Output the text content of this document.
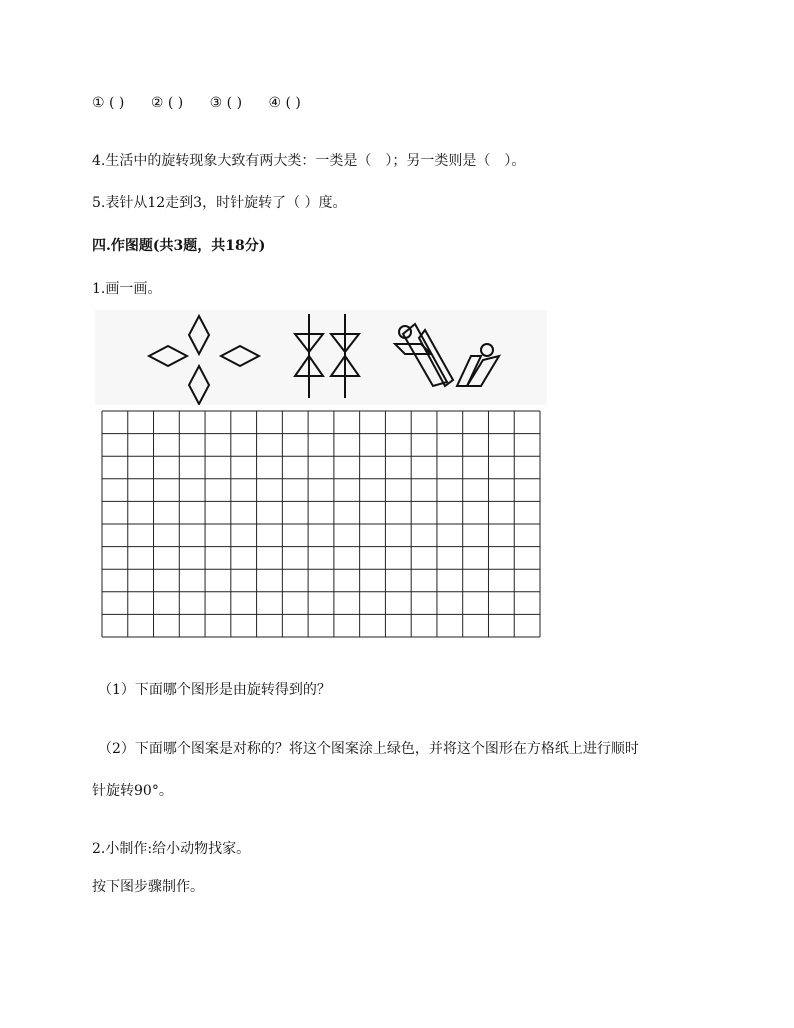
① ( ) ② ( ) ③ ( ) ④ ( )
4.生活中的旋转现象大致有两大类：一类是（　）；另一类则是（　）。
5.表针从12走到3，时针旋转了（ ）度。
四.作图题(共3题，共18分)
1.画一画。
（1）下面哪个图形是由旋转得到的？
（2）下面哪个图案是对称的？将这个图案涂上绿色，并将这个图形在方格纸上进行顺时
针旋转90°。
2.小制作:给小动物找家。
按下图步骤制作。
